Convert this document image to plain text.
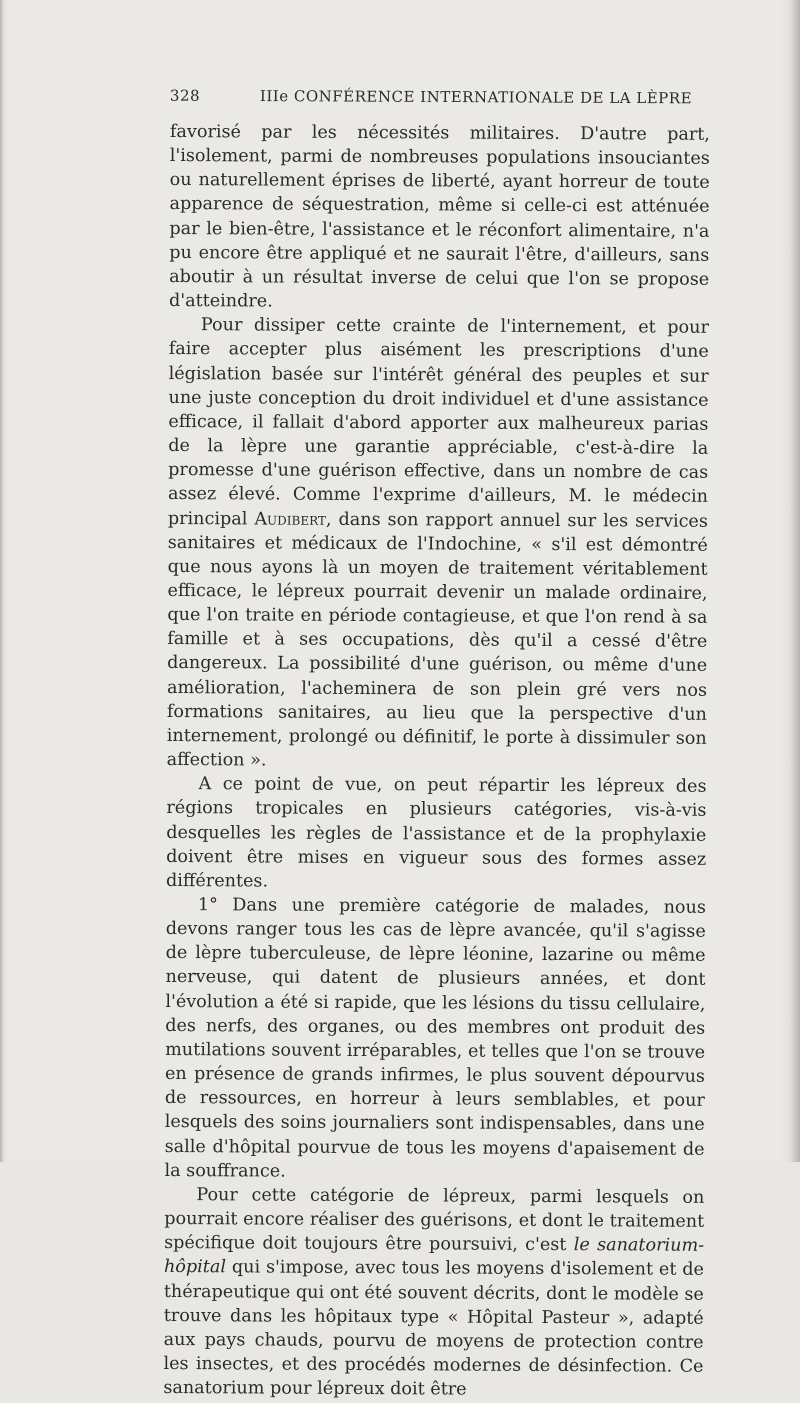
328	IIIe CONFÉRENCE INTERNATIONALE DE LA LÈPRE

favorisé par les nécessités militaires. D'autre part, l'isolement, parmi de nombreuses populations insouciantes ou naturellement éprises de liberté, ayant horreur de toute apparence de séquestration, même si celle-ci est atténuée par le bien-être, l'assistance et le réconfort alimentaire, n'a pu encore être appliqué et ne saurait l'être, d'ailleurs, sans aboutir à un résultat inverse de celui que l'on se propose d'atteindre.

Pour dissiper cette crainte de l'internement, et pour faire accepter plus aisément les prescriptions d'une législation basée sur l'intérêt général des peuples et sur une juste conception du droit individuel et d'une assistance efficace, il fallait d'abord apporter aux malheureux parias de la lèpre une garantie appréciable, c'est-à-dire la promesse d'une guérison effective, dans un nombre de cas assez élevé. Comme l'exprime d'ailleurs, M. le médecin principal Audibert, dans son rapport annuel sur les services sanitaires et médicaux de l'Indochine, « s'il est démontré que nous ayons là un moyen de traitement véritablement efficace, le lépreux pourrait devenir un malade ordinaire, que l'on traite en période contagieuse, et que l'on rend à sa famille et à ses occupations, dès qu'il a cessé d'être dangereux. La possibilité d'une guérison, ou même d'une amélioration, l'acheminera de son plein gré vers nos formations sanitaires, au lieu que la perspective d'un internement, prolongé ou définitif, le porte à dissimuler son affection ».

A ce point de vue, on peut répartir les lépreux des régions tropicales en plusieurs catégories, vis-à-vis desquelles les règles de l'assistance et de la prophylaxie doivent être mises en vigueur sous des formes assez différentes.

1° Dans une première catégorie de malades, nous devons ranger tous les cas de lèpre avancée, qu'il s'agisse de lèpre tuberculeuse, de lèpre léonine, lazarine ou même nerveuse, qui datent de plusieurs années, et dont l'évolution a été si rapide, que les lésions du tissu cellulaire, des nerfs, des organes, ou des membres ont produit des mutilations souvent irréparables, et telles que l'on se trouve en présence de grands infirmes, le plus souvent dépourvus de ressources, en horreur à leurs semblables, et pour lesquels des soins journaliers sont indispensables, dans une salle d'hôpital pourvue de tous les moyens d'apaisement de la souffrance.

Pour cette catégorie de lépreux, parmi lesquels on pourrait encore réaliser des guérisons, et dont le traitement spécifique doit toujours être poursuivi, c'est le sanatorium-hôpital qui s'impose, avec tous les moyens d'isolement et de thérapeutique qui ont été souvent décrits, dont le modèle se trouve dans les hôpitaux type « Hôpital Pasteur », adapté aux pays chauds, pourvu de moyens de protection contre les insectes, et des procédés modernes de désinfection. Ce sanatorium pour lépreux doit être
